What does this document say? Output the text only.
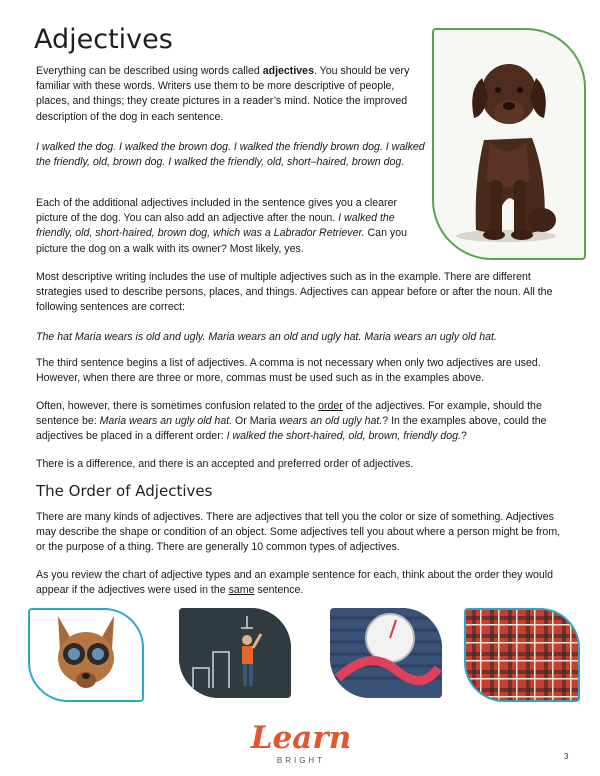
Adjectives

Everything can be described using words called adjectives. You should be very familiar with these words. Writers use them to be more descriptive of people, places, and things; they create pictures in a reader’s mind. Notice the improved description of the dog in each sentence.

I walked the dog. I walked the brown dog. I walked the friendly brown dog. I walked the friendly, old, brown dog. I walked the friendly, old, short–haired, brown dog.

Each of the additional adjectives included in the sentence gives you a clearer picture of the dog. You can also add an adjective after the noun. I walked the friendly, old, short-haired, brown dog, which was a Labrador Retriever. Can you picture the dog on a walk with its owner? Most likely, yes.

Most descriptive writing includes the use of multiple adjectives such as in the example. There are different strategies used to describe persons, places, and things. Adjectives can appear before or after the noun. All the following sentences are correct:

The hat Maria wears is old and ugly. Maria wears an old and ugly hat. Maria wears an ugly old hat.

The third sentence begins a list of adjectives. A comma is not necessary when only two adjectives are used. However, when there are three or more, commas must be used such as in the examples above.

Often, however, there is sometimes confusion related to the order of the adjectives. For example, should the sentence be: Maria wears an ugly old hat. Or Maria wears an old ugly hat.? In the examples above, could the adjectives be placed in a different order: I walked the short-haired, old, brown, friendly dog.?

There is a difference, and there is an accepted and preferred order of adjectives.

The Order of Adjectives

There are many kinds of adjectives. There are adjectives that tell you the color or size of something. Adjectives may describe the shape or condition of an object. Some adjectives tell you about where a person might be from, or the purpose of a thing. There are generally 10 common types of adjectives.

As you review the chart of adjective types and an example sentence for each, think about the order they would appear if the adjectives were used in the same sentence.

Learn
BRIGHT	3
